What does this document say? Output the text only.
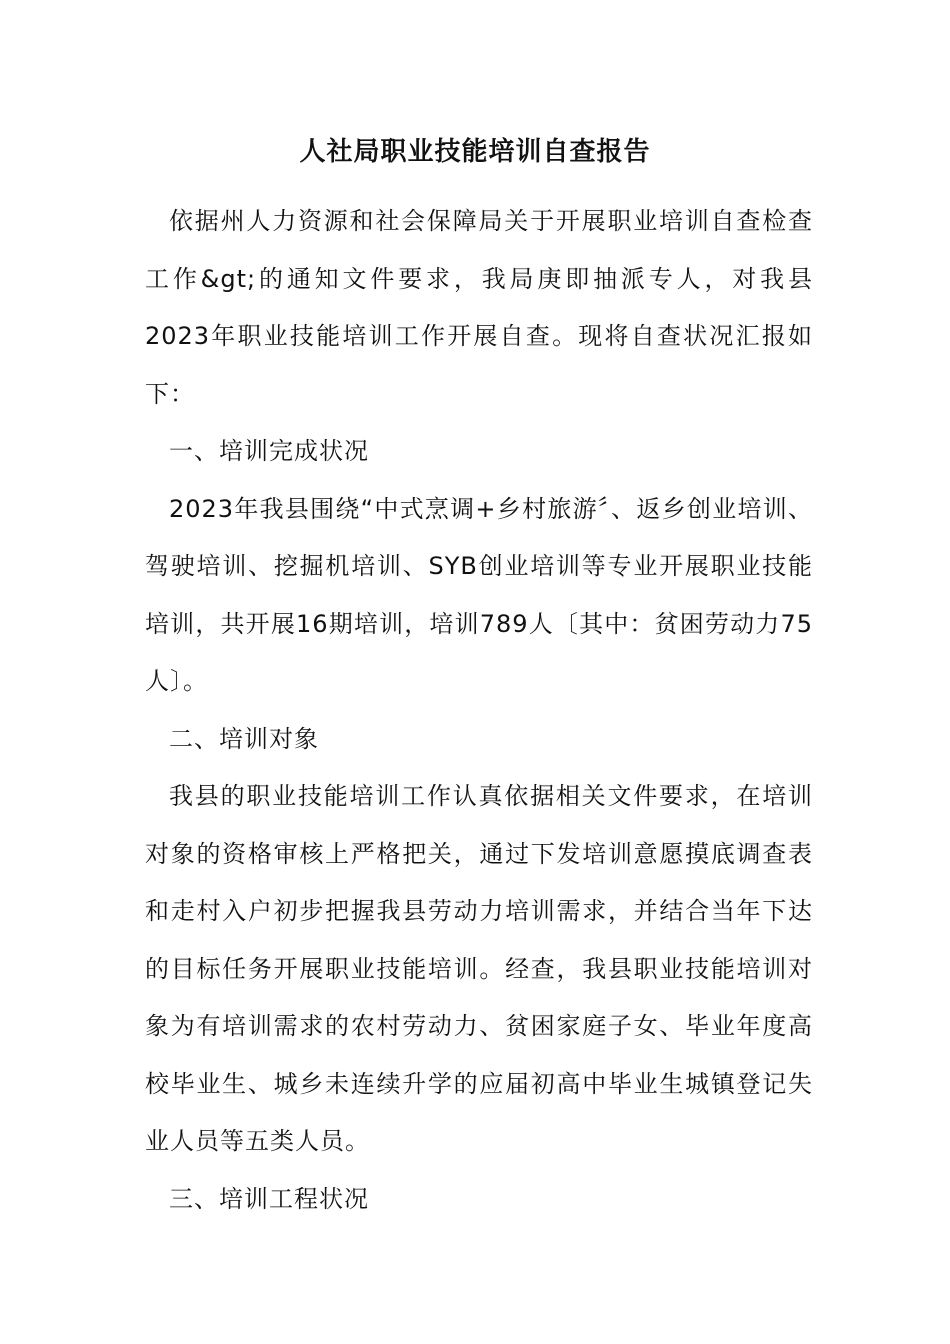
人社局职业技能培训自查报告

依据州人力资源和社会保障局关于开展职业培训自查检查工作&gt;的通知文件要求，我局庚即抽派专人，对我县2023年职业技能培训工作开展自查。现将自查状况汇报如下：

一、培训完成状况

2023年我县围绕“中式烹调+乡村旅游〞、返乡创业培训、驾驶培训、挖掘机培训、SYB创业培训等专业开展职业技能培训，共开展16期培训，培训789人〔其中：贫困劳动力75人〕。

二、培训对象

我县的职业技能培训工作认真依据相关文件要求，在培训对象的资格审核上严格把关，通过下发培训意愿摸底调查表和走村入户初步把握我县劳动力培训需求，并结合当年下达的目标任务开展职业技能培训。经查，我县职业技能培训对象为有培训需求的农村劳动力、贫困家庭子女、毕业年度高校毕业生、城乡未连续升学的应届初高中毕业生城镇登记失业人员等五类人员。

三、培训工程状况
